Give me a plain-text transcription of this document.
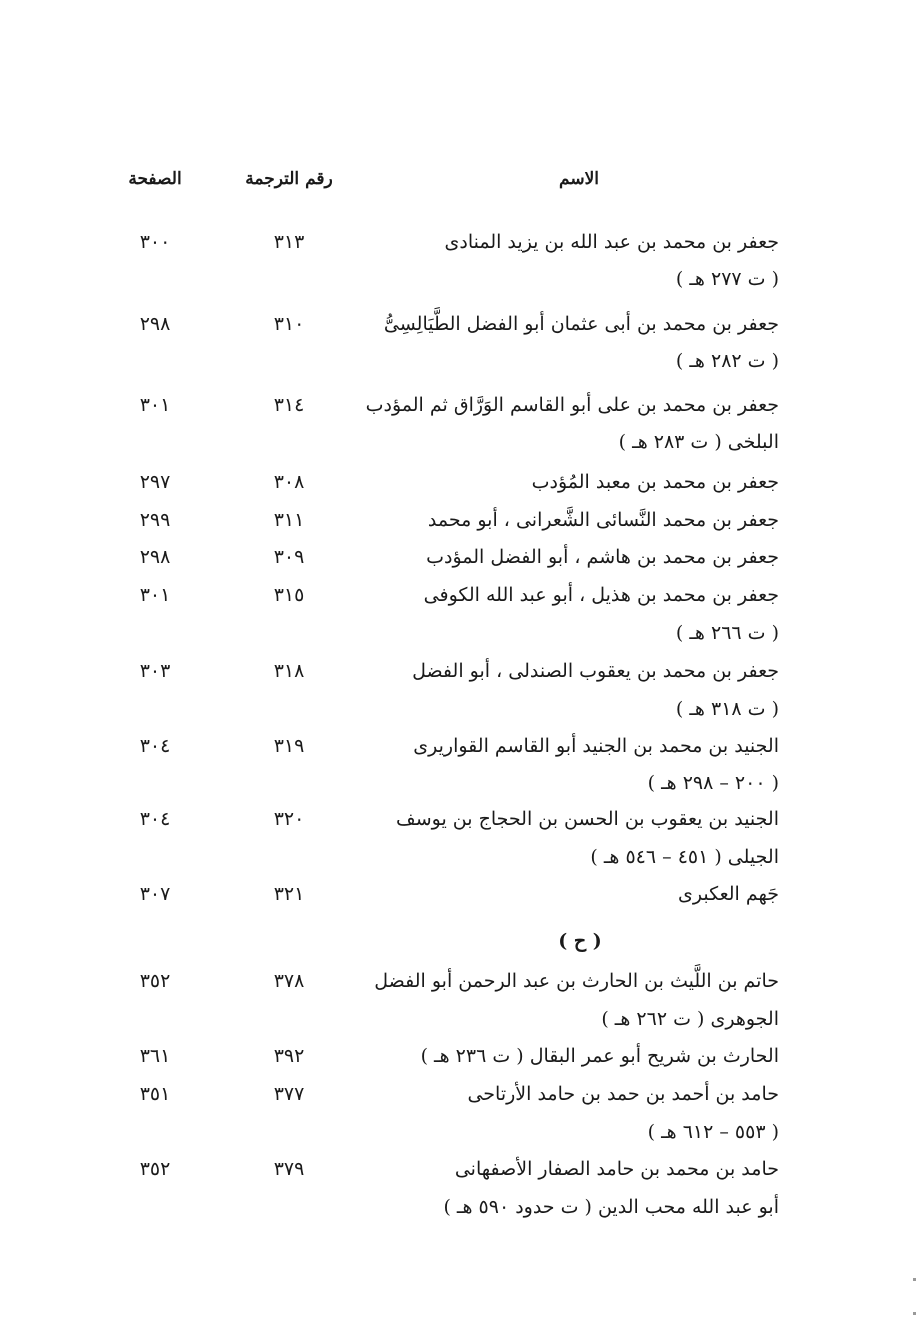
الاسم
رقم الترجمة
الصفحة
جعفر بن محمد بن عبد الله بن يزيد المنادى
٣١٣
٣٠٠
( ت ٢٧٧ هـ )
جعفر بن محمد بن أبى عثمان أبو الفضل الطَّيَالِسِىُّ
٣١٠
٢٩٨
( ت ٢٨٢ هـ )
جعفر بن محمد بن على أبو القاسم الوَرَّاق ثم المؤدب
٣١٤
٣٠١
البلخى ( ت ٢٨٣ هـ )
جعفر بن محمد بن معبد المُؤدب
٣٠٨
٢٩٧
جعفر بن محمد النَّسائى الشَّعرانى ، أبو محمد
٣١١
٢٩٩
جعفر بن محمد بن هاشم ، أبو الفضل المؤدب
٣٠٩
٢٩٨
جعفر بن محمد بن هذيل ، أبو عبد الله الكوفى
٣١٥
٣٠١
( ت ٢٦٦ هـ )
جعفر بن محمد بن يعقوب الصندلى ، أبو الفضل
٣١٨
٣٠٣
( ت ٣١٨ هـ )
الجنيد بن محمد بن الجنيد أبو القاسم القواريرى
٣١٩
٣٠٤
( ٢٠٠ – ٢٩٨ هـ )
الجنيد بن يعقوب بن الحسن بن الحجاج بن يوسف
٣٢٠
٣٠٤
الجيلى ( ٤٥١ – ٥٤٦ هـ )
جَهم العكبرى
٣٢١
٣٠٧
( ح )
حاتم بن اللَّيث بن الحارث بن عبد الرحمن أبو الفضل
٣٧٨
٣٥٢
الجوهرى ( ت ٢٦٢ هـ )
الحارث بن شريح أبو عمر البقال ( ت ٢٣٦ هـ )
٣٩٢
٣٦١
حامد بن أحمد بن حمد بن حامد الأرتاحى
٣٧٧
٣٥١
( ٥٥٣ – ٦١٢ هـ )
حامد بن محمد بن حامد الصفار الأصفهانى
٣٧٩
٣٥٢
أبو عبد الله محب الدين ( ت حدود ٥٩٠ هـ )
